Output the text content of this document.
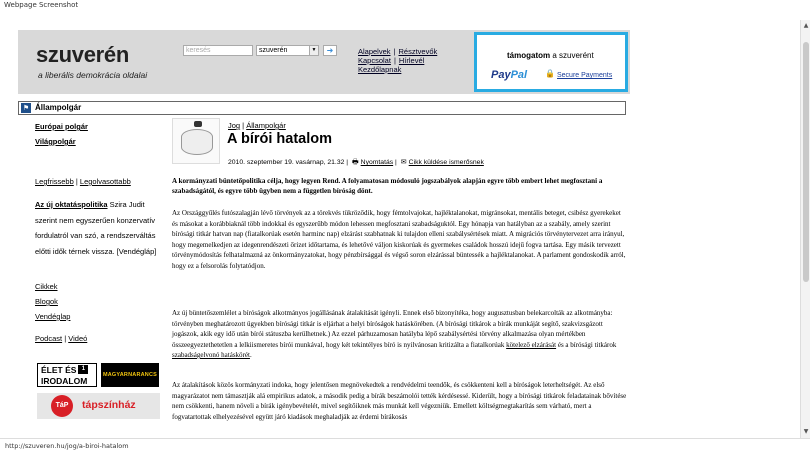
Webpage Screenshot
szuverén
a liberális demokrácia oldalai
keresés	szuverén	▼	➜	Alapelvek | Résztvevők
Kapcsolat | Hírlevél
Kezdőlapnak
támogatom a szuverént
PayPal 🔒 Secure Payments
⚑ Állampolgár
Európai polgár
Világpolgár
Legfrissebb | Legolvasottabb
Az új oktatáspolitika Szira Judit szerint nem egyszerűen konzervatív fordulatról van szó, a rendszerváltás előtti idők térnek vissza. [Vendégláp]
Cikkek
Blogok
Vendéglap
Podcast | Videó
ÉLET ÉS 1
IRODALOM
MAGYARNARANCS
TáP	tápszínház
Jog | Állampolgár
A bírói hatalom
2010. szeptember 19. vasárnap, 21.32 | 🖶 Nyomtatás | ✉ Cikk küldése ismerősnek
A kormányzati büntetőpolitika célja, hogy legyen Rend. A folyamatosan módosuló jogszabályok alapján egyre több embert lehet megfosztani a szabadságától, és egyre több ügyben nem a független bíróság dönt.
Az Országgyűlés futószalagján lévő törvények az a törekvés tükröződik, hogy fémtolvajokat, hajléktalanokat, migránsokat, mentális beteget, csibész gyerekeket és másokat a korábbiaknál több indokkal és egyszerűbb módon lehessen megfosztani szabadságuktól. Egy hónapja van hatályban az a szabály, amely szerint bírósági titkár hatvan nap (fiatalkorúak esetén harminc nap) elzárást szabhatnak ki tulajdon elleni szabálysértések miatt. A migrációs törvénytervezet arra irányul, hogy megemelkedjen az idegenrendészeti őrizet időtartama, és lehetővé váljon kiskorúak és gyermekes családok hosszú idejű fogva tartása. Egy másik tervezett törvénymódosítás felhatalmazná az önkormányzatokat, hogy pénzbírsággal és végső soron elzárással büntessék a hajléktalanokat. A parlament gondoskodik arról, hogy ez a felsorolás folytatódjon.
Az új büntetőszemlélet a bíróságok alkotmányos jogállásának átalakítását igényli. Ennek első bizonyítéka, hogy augusztusban belekarcolták az alkotmányba: törvényben meghatározott ügyekben bírósági titkár is eljárhat a helyi bíróságok hatáskörében. (A bírósági titkárok a bírák munkáját segítő, szakvizsgázott jogászok, akik egy idő után bírói státuszba kerülhetnek.) Az ezzel párhuzamosan hatályba lépő szabálysértési törvény alkalmazása olyan mértékben összeegyeztethetetlen a lelkiismeretes bírói munkával, hogy két tekintélyes bíró is nyilvánosan kritizálta a fiatalkorúak kötelező elzárását és a bírósági titkárok szabadságelvonó hatáskörét.
Az átalakítások közös kormányzati indoka, hogy jelentősen megnövekedtek a rendvédelmi teendők, és csökkenteni kell a bíróságok leterheltségét. Az első magyarázatot nem támasztják alá empirikus adatok, a második pedig a bírák beszámolói tették kérdésessé. Kiderült, hogy a bírósági titkárok feladatainak bővítése nem csökkenti, hanem növeli a bírák igénybevételét, mivel segítőiknek más munkát kell végezniük. Emellett költségmegtakarítás sem várható, mert a fogvatartottak elhelyezésével együtt járó kiadások meghaladják az érdemi bírákosás
▲
▼
http://szuveren.hu/jog/a-biroi-hatalom
